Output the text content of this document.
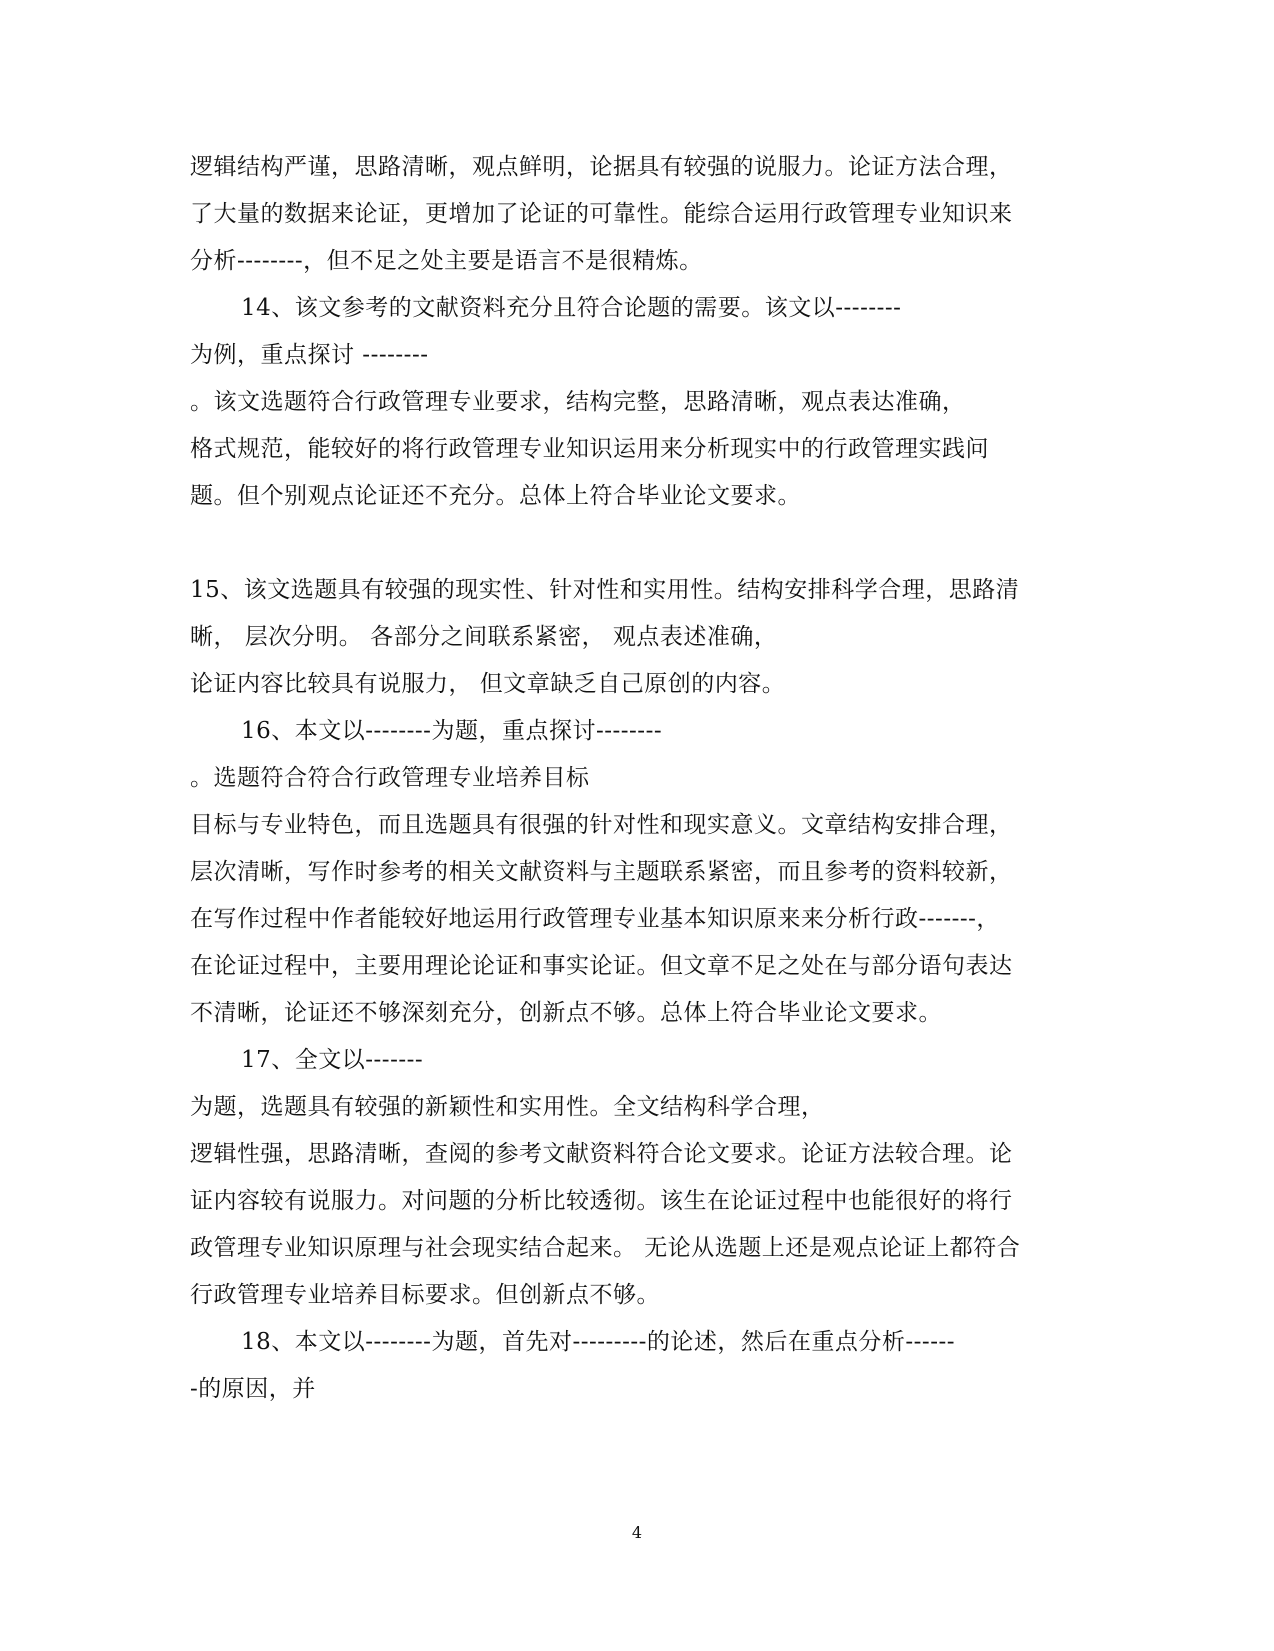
逻辑结构严谨，思路清晰，观点鲜明，论据具有较强的说服力。论证方法合理，
了大量的数据来论证，更增加了论证的可靠性。能综合运用行政管理专业知识来
分析--------，但不足之处主要是语言不是很精炼。
14、该文参考的文献资料充分且符合论题的需要。该文以--------
为例，重点探讨 --------
。该文选题符合行政管理专业要求，结构完整，思路清晰，观点表达准确，
格式规范，能较好的将行政管理专业知识运用来分析现实中的行政管理实践问
题。但个别观点论证还不充分。总体上符合毕业论文要求。
15、该文选题具有较强的现实性、针对性和实用性。结构安排科学合理，思路清
晰， 层次分明。 各部分之间联系紧密， 观点表述准确，
论证内容比较具有说服力， 但文章缺乏自己原创的内容。
16、本文以--------为题，重点探讨--------
。选题符合符合行政管理专业培养目标
目标与专业特色，而且选题具有很强的针对性和现实意义。文章结构安排合理，
层次清晰，写作时参考的相关文献资料与主题联系紧密，而且参考的资料较新，
在写作过程中作者能较好地运用行政管理专业基本知识原来来分析行政-------，
在论证过程中，主要用理论论证和事实论证。但文章不足之处在与部分语句表达
不清晰，论证还不够深刻充分，创新点不够。总体上符合毕业论文要求。
17、全文以-------
为题，选题具有较强的新颖性和实用性。全文结构科学合理，
逻辑性强，思路清晰，查阅的参考文献资料符合论文要求。论证方法较合理。论
证内容较有说服力。对问题的分析比较透彻。该生在论证过程中也能很好的将行
政管理专业知识原理与社会现实结合起来。 无论从选题上还是观点论证上都符合
行政管理专业培养目标要求。但创新点不够。
18、本文以--------为题，首先对---------的论述，然后在重点分析------
-的原因，并
4
